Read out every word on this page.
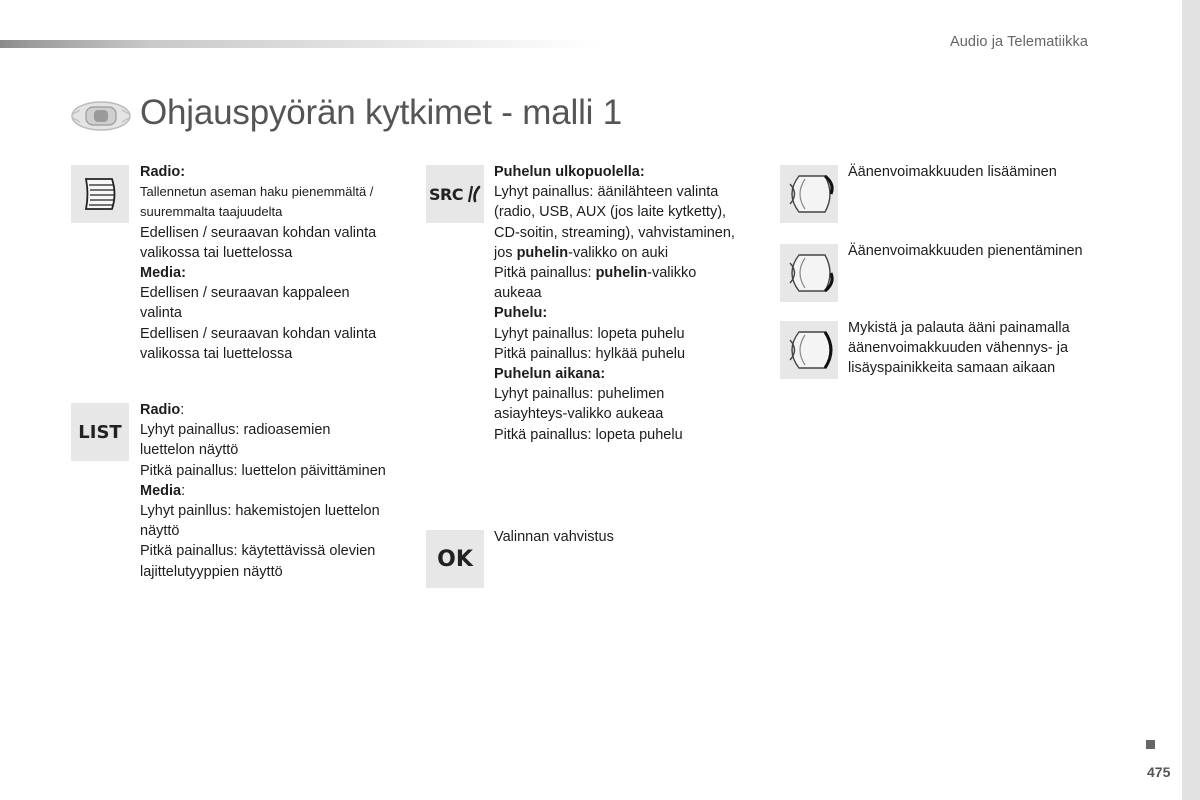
Audio ja Telematiikka
Ohjauspyörän kytkimet - malli 1
Radio:
Tallennetun aseman haku pienemmältä /
suuremmalta taajuudelta
Edellisen / seuraavan kohdan valinta
valikossa tai luettelossa
Media:
Edellisen / seuraavan kappaleen
valinta
Edellisen / seuraavan kohdan valinta
valikossa tai luettelossa
LIST
Radio:
Lyhyt painallus: radioasemien
luettelon näyttö
Pitkä painallus: luettelon päivittäminen
Media:
Lyhyt painllus: hakemistojen luettelon
näyttö
Pitkä painallus: käytettävissä olevien
lajittelutyyppien näyttö
SRC
Puhelun ulkopuolella:
Lyhyt painallus: äänilähteen valinta
(radio, USB, AUX (jos laite kytketty),
CD-soitin, streaming), vahvistaminen,
jos puhelin-valikko on auki
Pitkä painallus: puhelin-valikko
aukeaa
Puhelu:
Lyhyt painallus: lopeta puhelu
Pitkä painallus: hylkää puhelu
Puhelun aikana:
Lyhyt painallus: puhelimen
asiayhteys-valikko aukeaa
Pitkä painallus: lopeta puhelu
OK
Valinnan vahvistus
Äänenvoimakkuuden lisääminen
Äänenvoimakkuuden pienentäminen
Mykistä ja palauta ääni painamalla
äänenvoimakkuuden vähennys- ja
lisäyspainikkeita samaan aikaan
475
